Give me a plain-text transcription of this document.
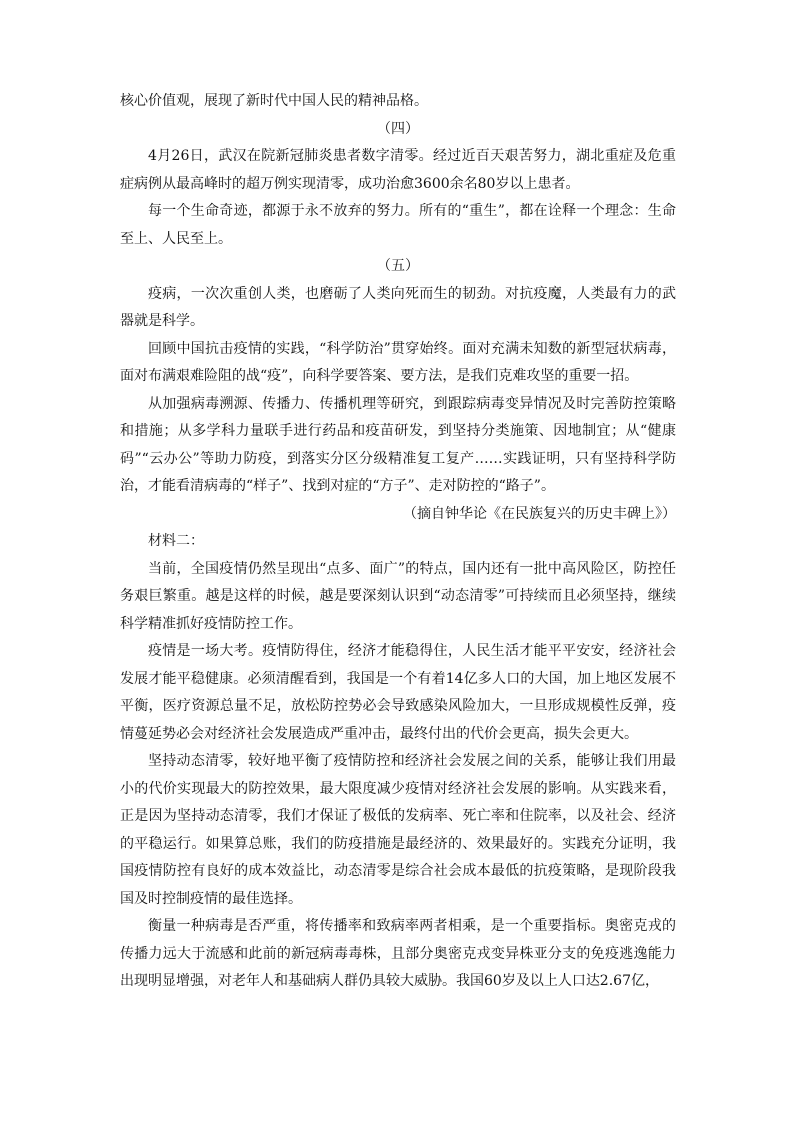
核心价值观，展现了新时代中国人民的精神品格。

（四）

4月26日，武汉在院新冠肺炎患者数字清零。经过近百天艰苦努力，湖北重症及危重症病例从最高峰时的超万例实现清零，成功治愈3600余名80岁以上患者。

每一个生命奇迹，都源于永不放弃的努力。所有的“重生”，都在诠释一个理念：生命至上、人民至上。

（五）

疫病，一次次重创人类，也磨砺了人类向死而生的韧劲。对抗疫魔，人类最有力的武器就是科学。

回顾中国抗击疫情的实践，“科学防治”贯穿始终。面对充满未知数的新型冠状病毒，面对布满艰难险阻的战“疫”，向科学要答案、要方法，是我们克难攻坚的重要一招。

从加强病毒溯源、传播力、传播机理等研究，到跟踪病毒变异情况及时完善防控策略和措施；从多学科力量联手进行药品和疫苗研发，到坚持分类施策、因地制宜；从“健康码”“云办公”等助力防疫，到落实分区分级精准复工复产……实践证明，只有坚持科学防治，才能看清病毒的“样子”、找到对症的“方子”、走对防控的“路子”。

（摘自钟华论《在民族复兴的历史丰碑上》）

材料二：

当前，全国疫情仍然呈现出“点多、面广”的特点，国内还有一批中高风险区，防控任务艰巨繁重。越是这样的时候，越是要深刻认识到“动态清零”可持续而且必须坚持，继续科学精准抓好疫情防控工作。

疫情是一场大考。疫情防得住，经济才能稳得住，人民生活才能平平安安，经济社会发展才能平稳健康。必须清醒看到，我国是一个有着14亿多人口的大国，加上地区发展不平衡，医疗资源总量不足，放松防控势必会导致感染风险加大，一旦形成规模性反弹，疫情蔓延势必会对经济社会发展造成严重冲击，最终付出的代价会更高，损失会更大。

坚持动态清零，较好地平衡了疫情防控和经济社会发展之间的关系，能够让我们用最小的代价实现最大的防控效果，最大限度减少疫情对经济社会发展的影响。从实践来看，正是因为坚持动态清零，我们才保证了极低的发病率、死亡率和住院率，以及社会、经济的平稳运行。如果算总账，我们的防疫措施是最经济的、效果最好的。实践充分证明，我国疫情防控有良好的成本效益比，动态清零是综合社会成本最低的抗疫策略，是现阶段我国及时控制疫情的最佳选择。

衡量一种病毒是否严重，将传播率和致病率两者相乘，是一个重要指标。奥密克戎的传播力远大于流感和此前的新冠病毒毒株，且部分奥密克戎变异株亚分支的免疫逃逸能力出现明显增强，对老年人和基础病人群仍具较大威胁。我国60岁及以上人口达2.67亿，
